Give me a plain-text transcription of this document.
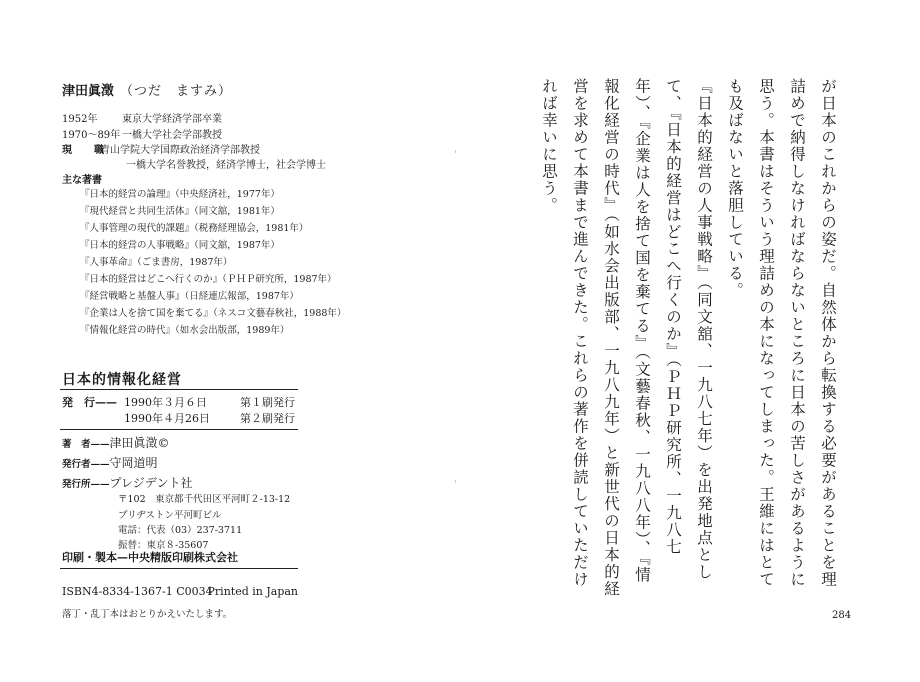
津田眞澂 （つだ　ますみ）
1952年 東京大学経済学部卒業
1970～89年 一橋大学社会学部教授
現　職青山学院大学国際政治経済学部教授
一橋大学名誉教授，経済学博士，社会学博士
主な著書
『日本的経営の論理』（中央経済社，1977年）
『現代経営と共同生活体』（同文舘，1981年）
『人事管理の現代的課題』（税務経理協会，1981年）
『日本的経営の人事戦略』（同文舘，1987年）
『人事革命』（ごま書房，1987年）
『日本的経営はどこへ行くのか』（ＰＨＰ研究所，1987年）
『経営戦略と基盤人事』（日経連広報部，1987年）
『企業は人を捨て国を棄てる』（ネスコ文藝春秋社，1988年）
『情報化経営の時代』（如水会出版部，1989年）
日本的情報化経営
発　行—— 1990年３月６日	第１刷発行
1990年４月26日	第２刷発行
著　者——津田眞澂©
発行者——守岡道明
発行所——プレジデント社
〒102　東京都千代田区平河町２-13-12
ブリヂストン平河町ビル
電話：代表（03）237-3711
振替：東京８-35607
印刷・製本—中央精版印刷株式会社
ISBN4-8334-1367-1 C0034
Printed in Japan
落丁・乱丁本はおとりかえいたします。

が日本のこれからの姿だ。自然体から転換する必要があることを理詰めで納得しなければならないところに日本の苦しさがあるように思う。本書はそういう理詰めの本になってしまった。王維にはとても及ばないと落胆している。

『日本的経営の人事戦略』（同文舘、一九八七年）を出発地点として、『日本的経営はどこへ行くのか』（ＰＨＰ研究所、一九八七年）、『企業は人を捨て国を棄てる』（文藝春秋、一九八八年）、『情報化経営の時代』（如水会出版部、一九八九年）と新世代の日本的経営を求めて本書まで進んできた。これらの著作を併読していただければ幸いに思う。

284
